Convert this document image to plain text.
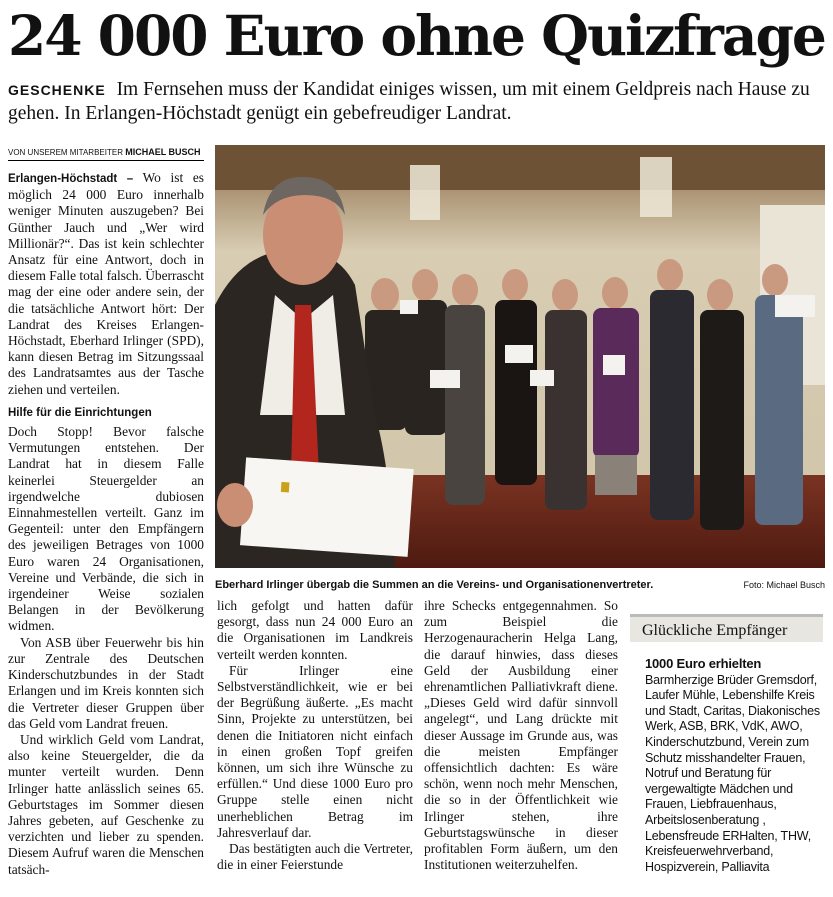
24 000 Euro ohne Quizfrage
GESCHENKE Im Fernsehen muss der Kandidat einiges wissen, um mit einem Geldpreis nach Hause zu gehen. In Erlangen-Höchstadt genügt ein gebefreudiger Landrat.
VON UNSEREM MITARBEITER MICHAEL BUSCH

Erlangen-Höchstadt – Wo ist es möglich 24 000 Euro innerhalb weniger Minuten auszugeben? Bei Günther Jauch und „Wer wird Millionär?“. Das ist kein schlechter Ansatz für eine Antwort, doch in diesem Falle total falsch. Überrascht mag der eine oder andere sein, der die tatsächliche Antwort hört: Der Landrat des Kreises Erlangen-Höchstadt, Eberhard Irlinger (SPD), kann diesen Betrag im Sitzungssaal des Landratsamtes aus der Tasche ziehen und verteilen.

Hilfe für die Einrichtungen

Doch Stopp! Bevor falsche Vermutungen entstehen. Der Landrat hat in diesem Falle keinerlei Steuergelder an irgendwelche dubiosen Einnahmestellen verteilt. Ganz im Gegenteil: unter den Empfängern des jeweiligen Betrages von 1000 Euro waren 24 Organisationen, Vereine und Verbände, die sich in irgendeiner Weise sozialen Belangen in der Bevölkerung widmen.

Von ASB über Feuerwehr bis hin zur Zentrale des Deutschen Kinderschutzbundes in der Stadt Erlangen und im Kreis konnten sich die Vertreter dieser Gruppen über das Geld vom Landrat freuen.

Und wirklich Geld vom Landrat, also keine Steuergelder, die da munter verteilt wurden. Denn Irlinger hatte anlässlich seines 65. Geburtstages im Sommer diesen Jahres gebeten, auf Geschenke zu verzichten und lieber zu spenden. Diesem Aufruf waren die Menschen tatsäch-

Eberhard Irlinger übergab die Summen an die Vereins- und Organisationenvertreter.	Foto: Michael Busch

lich gefolgt und hatten dafür gesorgt, dass nun 24 000 Euro an die Organisationen im Landkreis verteilt werden konnten.

Für Irlinger eine Selbstverständlichkeit, wie er bei der Begrüßung äußerte. „Es macht Sinn, Projekte zu unterstützen, bei denen die Initiatoren nicht einfach in einen großen Topf greifen können, um sich ihre Wünsche zu erfüllen.“ Und diese 1000 Euro pro Gruppe stelle einen nicht unerheblichen Betrag im Jahresverlauf dar.

Das bestätigten auch die Vertreter, die in einer Feierstunde

ihre Schecks entgegennahmen. So zum Beispiel die Herzogenauracherin Helga Lang, die darauf hinwies, dass dieses Geld der Ausbildung einer ehrenamtlichen Palliativkraft diene. „Dieses Geld wird dafür sinnvoll angelegt“, und Lang drückte mit dieser Aussage im Grunde aus, was die meisten Empfänger offensichtlich dachten: Es wäre schön, wenn noch mehr Menschen, die so in der Öffentlichkeit wie Irlinger stehen, ihre Geburtstagswünsche in dieser profitablen Form äußern, um den Institutionen weiterzuhelfen.

Glückliche Empfänger
1000 Euro erhielten Barmherzige Brüder Gremsdorf, Laufer Mühle, Lebenshilfe Kreis und Stadt, Caritas, Diakonisches Werk, ASB, BRK, VdK, AWO, Kinderschutzbund, Verein zum Schutz misshandelter Frauen, Notruf und Beratung für vergewaltigte Mädchen und Frauen, Liebfrauenhaus, Arbeitslosenberatung , Lebensfreude ERHalten, THW, Kreisfeuerwehrverband, Hospizverein, Palliavita
